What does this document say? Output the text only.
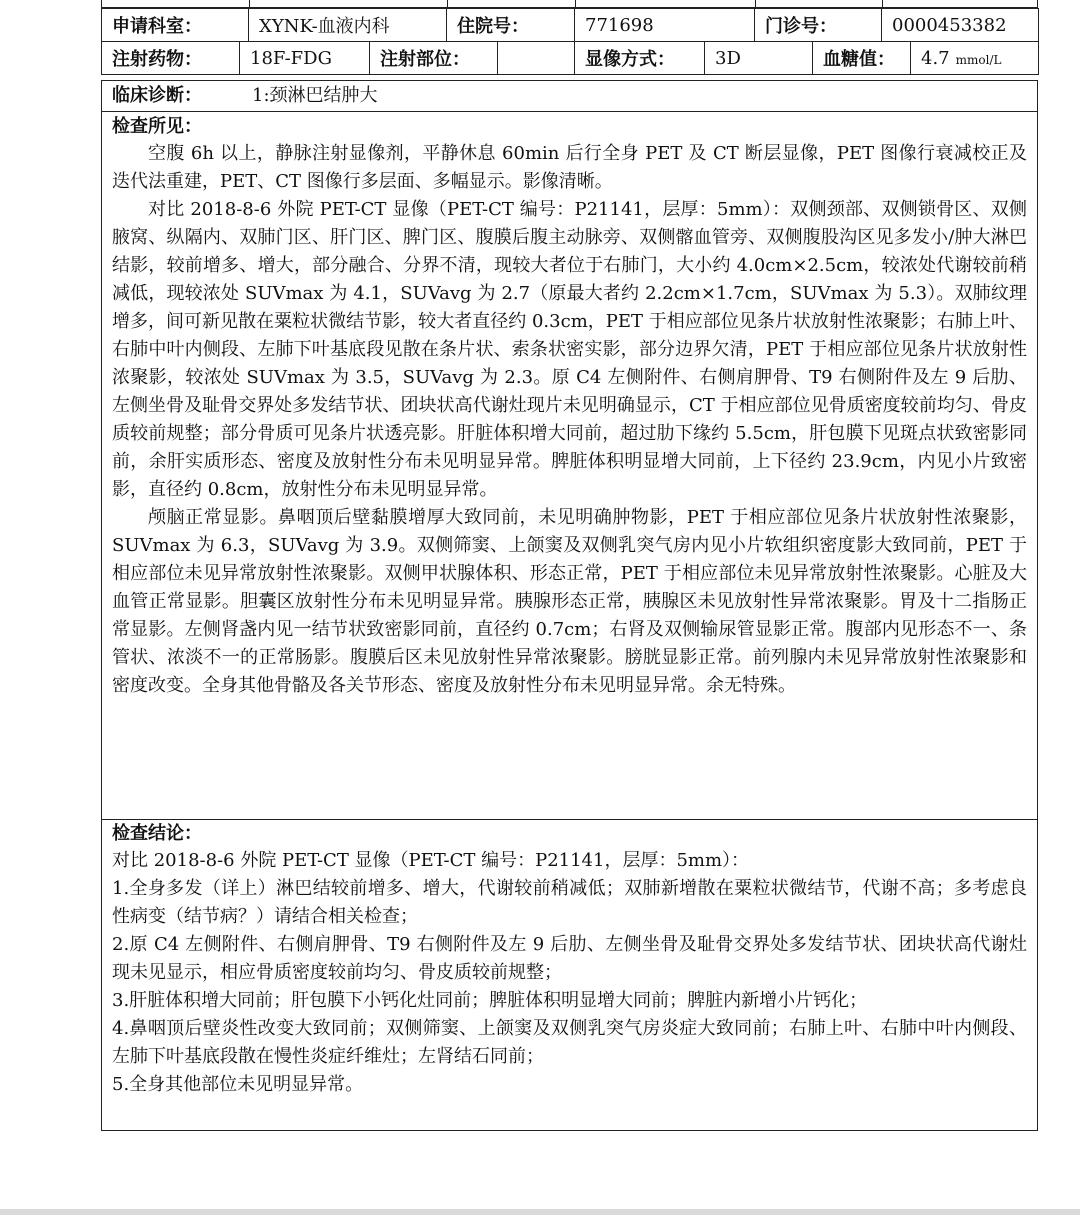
申请科室：	XYNK-血液内科	住院号：	771698	门诊号：	0000453382
注射药物：	18F-FDG	注射部位：		显像方式：	3D	血糖值：	4.7 mmol/L
临床诊断：	1:颈淋巴结肿大
检查所见：

空腹 6h 以上，静脉注射显像剂，平静休息 60min 后行全身 PET 及 CT 断层显像，PET 图像行衰减校正及迭代法重建，PET、CT 图像行多层面、多幅显示。影像清晰。

对比 2018-8-6 外院 PET-CT 显像（PET-CT 编号：P21141，层厚：5mm）：双侧颈部、双侧锁骨区、双侧腋窝、纵隔内、双肺门区、肝门区、脾门区、腹膜后腹主动脉旁、双侧髂血管旁、双侧腹股沟区见多发小/肿大淋巴结影，较前增多、增大，部分融合、分界不清，现较大者位于右肺门，大小约 4.0cm×2.5cm，较浓处代谢较前稍减低，现较浓处 SUVmax 为 4.1，SUVavg 为 2.7（原最大者约 2.2cm×1.7cm，SUVmax 为 5.3）。双肺纹理增多，间可新见散在粟粒状微结节影，较大者直径约 0.3cm，PET 于相应部位见条片状放射性浓聚影；右肺上叶、右肺中叶内侧段、左肺下叶基底段见散在条片状、索条状密实影，部分边界欠清，PET 于相应部位见条片状放射性浓聚影，较浓处 SUVmax 为 3.5，SUVavg 为 2.3。原 C4 左侧附件、右侧肩胛骨、T9 右侧附件及左 9 后肋、左侧坐骨及耻骨交界处多发结节状、团块状高代谢灶现片未见明确显示，CT 于相应部位见骨质密度较前均匀、骨皮质较前规整；部分骨质可见条片状透亮影。肝脏体积增大同前，超过肋下缘约 5.5cm，肝包膜下见斑点状致密影同前，余肝实质形态、密度及放射性分布未见明显异常。脾脏体积明显增大同前，上下径约 23.9cm，内见小片致密影，直径约 0.8cm，放射性分布未见明显异常。

颅脑正常显影。鼻咽顶后壁黏膜增厚大致同前，未见明确肿物影，PET 于相应部位见条片状放射性浓聚影，SUVmax 为 6.3，SUVavg 为 3.9。双侧筛窦、上颌窦及双侧乳突气房内见小片软组织密度影大致同前，PET 于相应部位未见异常放射性浓聚影。双侧甲状腺体积、形态正常，PET 于相应部位未见异常放射性浓聚影。心脏及大血管正常显影。胆囊区放射性分布未见明显异常。胰腺形态正常，胰腺区未见放射性异常浓聚影。胃及十二指肠正常显影。左侧肾盏内见一结节状致密影同前，直径约 0.7cm；右肾及双侧输尿管显影正常。腹部内见形态不一、条管状、浓淡不一的正常肠影。腹膜后区未见放射性异常浓聚影。膀胱显影正常。前列腺内未见异常放射性浓聚影和密度改变。全身其他骨骼及各关节形态、密度及放射性分布未见明显异常。余无特殊。

检查结论：

对比 2018-8-6 外院 PET-CT 显像（PET-CT 编号：P21141，层厚：5mm）：

1.全身多发（详上）淋巴结较前增多、增大，代谢较前稍减低；双肺新增散在粟粒状微结节，代谢不高；多考虑良性病变（结节病？）请结合相关检查；

2.原 C4 左侧附件、右侧肩胛骨、T9 右侧附件及左 9 后肋、左侧坐骨及耻骨交界处多发结节状、团块状高代谢灶现未见显示，相应骨质密度较前均匀、骨皮质较前规整；

3.肝脏体积增大同前；肝包膜下小钙化灶同前；脾脏体积明显增大同前；脾脏内新增小片钙化；

4.鼻咽顶后壁炎性改变大致同前；双侧筛窦、上颌窦及双侧乳突气房炎症大致同前；右肺上叶、右肺中叶内侧段、左肺下叶基底段散在慢性炎症纤维灶；左肾结石同前；

5.全身其他部位未见明显异常。
